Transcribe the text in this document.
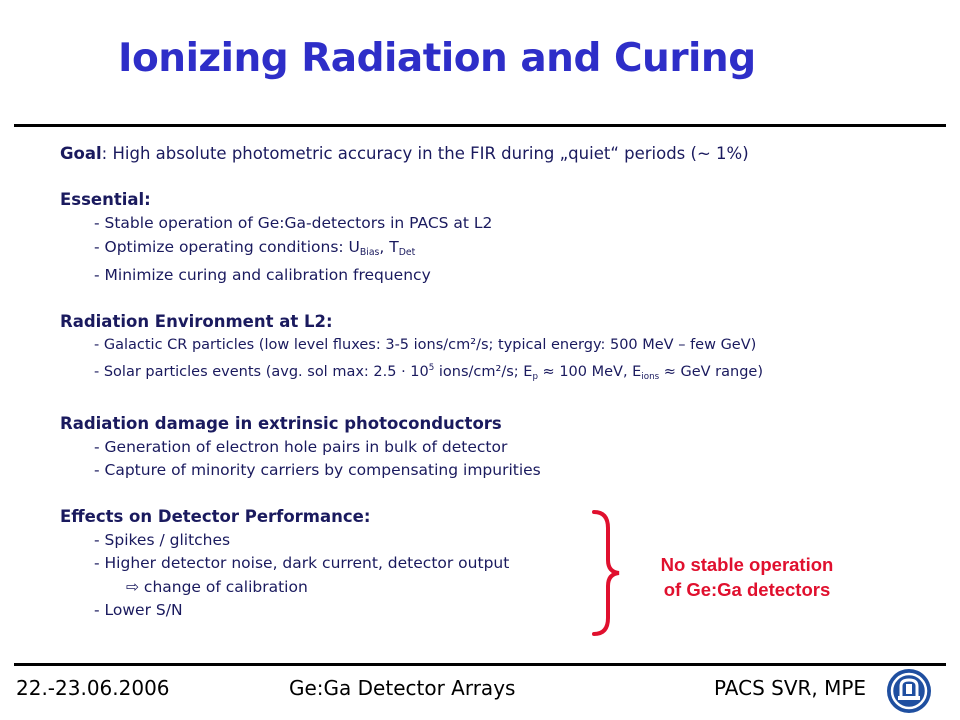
Ionizing Radiation and Curing
Goal: High absolute photometric accuracy in the FIR during „quiet“ periods (~ 1%)
Essential:
- Stable operation of Ge:Ga-detectors in PACS at L2
- Optimize operating conditions: $U_{Bias}$, $T_{Det}$
- Minimize curing and calibration frequency
Radiation Environment at L2:
- Galactic CR particles (low level fluxes: 3-5 ions/cm²/s; typical energy: 500 MeV – few GeV)
- Solar particles events (avg. sol max: $2.5 \cdot 10^5$ ions/cm²/s; $E_p \approx 100$ MeV, $E_{ions}$ ≈ GeV range)
Radiation damage in extrinsic photoconductors
- Generation of electron hole pairs in bulk of detector
- Capture of minority carriers by compensating impurities
Effects on Detector Performance:
- Spikes / glitches
- Higher detector noise, dark current, detector output
⇨ change of calibration
- Lower S/N
No stable operation
of Ge:Ga detectors
22.-23.06.2006	Ge:Ga Detector Arrays	PACS SVR, MPE
